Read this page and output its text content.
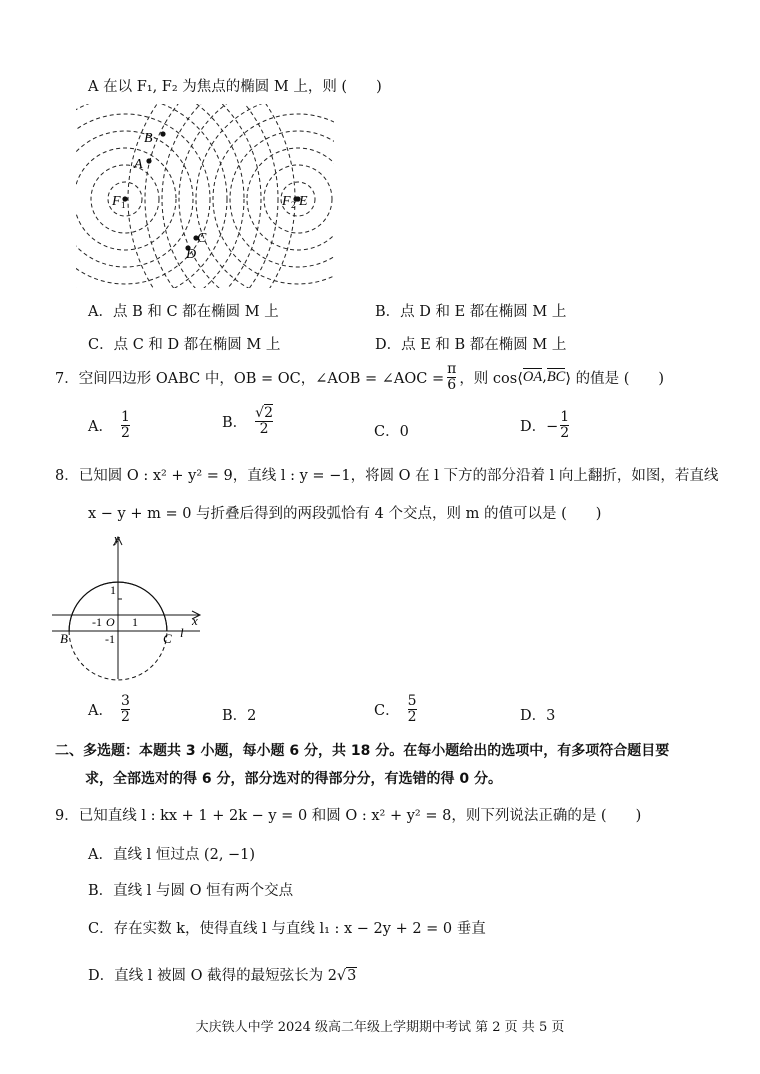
A 在以 F₁, F₂ 为焦点的椭圆 M 上，则 (　　)
B
A
F 1	F 2 E
C
D
A．点 B 和 C 都在椭圆 M 上	B．点 D 和 E 都在椭圆 M 上
C．点 C 和 D 都在椭圆 M 上	D．点 E 和 B 都在椭圆 M 上
7．空间四边形 OABC 中，OB = OC，∠AOB = ∠AOC = $\frac{\pi}{6}$ ，则 cos⟨ OA , BC ⟩ 的值是 (　　)
A． $\frac{1}{2}$	B． $\frac{√2}{2}$	C．0	D．− $\frac{1}{2}$
8．已知圆 O : x² + y² = 9，直线 l : y = −1，将圆 O 在 l 下方的部分沿着 l 向上翻折，如图，若直线
x − y + m = 0 与折叠后得到的两段弧恰有 4 个交点，则 m 的值可以是 (　　)
y
x
l
1
-1 O 1
-1
B	C
A． $\frac{3}{2}$	B．2	C． $\frac{5}{2}$	D．3
二、多选题：本题共 3 小题，每小题 6 分，共 18 分。在每小题给出的选项中，有多项符合题目要
求，全部选对的得 6 分，部分选对的得部分分，有选错的得 0 分。
9．已知直线 l : kx + 1 + 2k − y = 0 和圆 O : x² + y² = 8，则下列说法正确的是 (　　)
A．直线 l 恒过点 (2, −1)
B．直线 l 与圆 O 恒有两个交点
C．存在实数 k，使得直线 l 与直线 l₁ : x − 2y + 2 = 0 垂直
D．直线 l 被圆 O 截得的最短弦长为 2√3
大庆铁人中学 2024 级高二年级上学期期中考试 第 2 页 共 5 页
